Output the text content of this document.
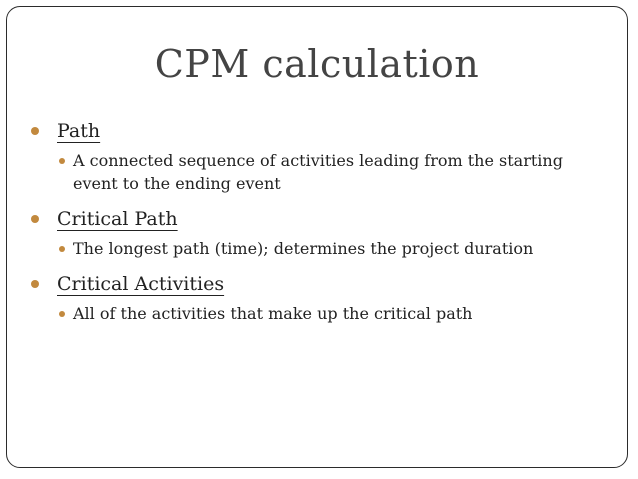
CPM calculation
Path
A connected sequence of activities leading from the starting event to the ending event
Critical Path
The longest path (time); determines the project duration
Critical Activities
All of the activities that make up the critical path
